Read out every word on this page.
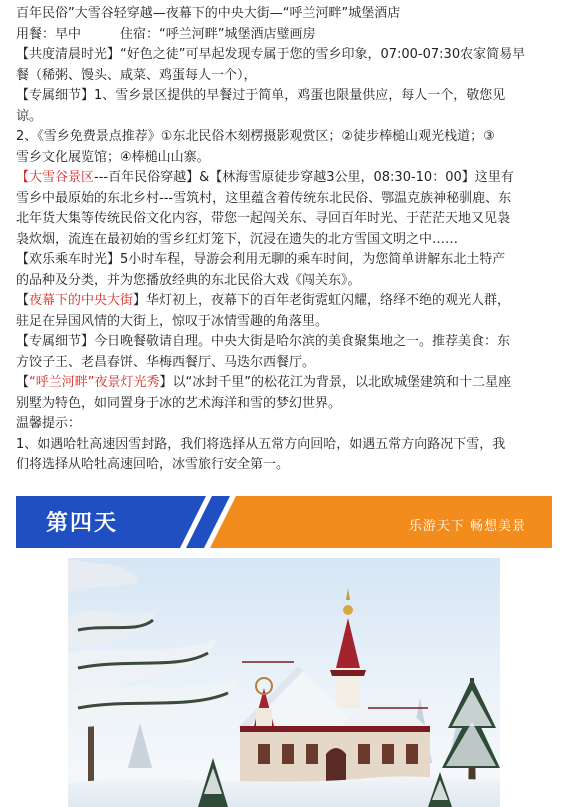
百年民俗”大雪谷轻穿越—夜幕下的中央大街—“呼兰河畔”城堡酒店
用餐：早中　　　住宿：“呼兰河畔”城堡酒店璧画房
【共度清晨时光】“好色之徒”可早起发现专属于您的雪乡印象，07:00-07:30农家简易早
餐（稀粥、馒头、咸菜、鸡蛋每人一个），
【专属细节】1、雪乡景区提供的早餐过于简单，鸡蛋也限量供应，每人一个，敬您见
谅。
2、《雪乡免费景点推荐》①东北民俗木刻楞摄影观赏区；②徒步棒槌山观光栈道；③
雪乡文化展览馆；④棒槌山山寨。
【大雪谷景区---百年民俗穿越】&【林海雪原徒步穿越3公里，08:30-10：00】这里有
雪乡中最原始的东北乡村---雪筑村，这里蕴含着传统东北民俗、鄂温克族神秘驯鹿、东
北年货大集等传统民俗文化内容，带您一起闯关东、寻回百年时光、于茫茫天地又见袅
袅炊烟，流连在最初始的雪乡红灯笼下，沉浸在遗失的北方雪国文明之中……
【欢乐乘车时光】5小时车程，导游会利用无聊的乘车时间，为您简单讲解东北土特产
的品种及分类，并为您播放经典的东北民俗大戏《闯关东》。
【夜幕下的中央大街】华灯初上，夜幕下的百年老街霓虹闪耀，络绎不绝的观光人群，
驻足在异国风情的大街上，惊叹于冰情雪趣的角落里。
【专属细节】今日晚餐敬请自理。中央大街是哈尔滨的美食聚集地之一。推荐美食：东
方饺子王、老昌春饼、华梅西餐厅、马迭尔西餐厅。
【“呼兰河畔”夜景灯光秀】以“冰封千里”的松花江为背景，以北欧城堡建筑和十二星座
别墅为特色，如同置身于冰的艺术海洋和雪的梦幻世界。
温馨提示：
1、如遇哈牡高速因雪封路，我们将选择从五常方向回哈，如遇五常方向路况下雪，我
们将选择从哈牡高速回哈，冰雪旅行安全第一。
第四天	乐游天下 畅想美景
